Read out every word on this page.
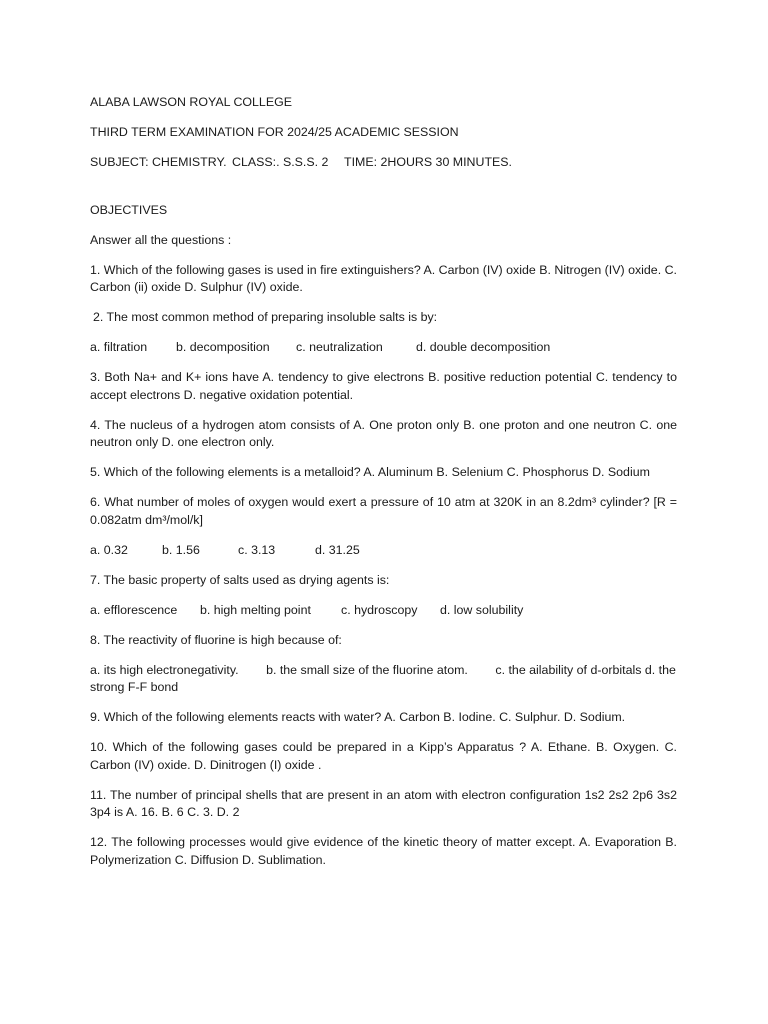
ALABA LAWSON ROYAL COLLEGE

THIRD TERM EXAMINATION FOR 2024/25 ACADEMIC SESSION

SUBJECT: CHEMISTRY. CLASS:. S.S.S. 2	TIME: 2HOURS 30 MINUTES.

OBJECTIVES

Answer all the questions :

1. Which of the following gases is used in fire extinguishers? A. Carbon (IV) oxide B. Nitrogen (IV) oxide. C. Carbon (ii) oxide D. Sulphur (IV) oxide.

2. The most common method of preparing insoluble salts is by:

a. filtration	b. decomposition	c. neutralization	d. double decomposition

3. Both Na+ and K+ ions have A. tendency to give electrons B. positive reduction potential C. tendency to accept electrons D. negative oxidation potential.

4. The nucleus of a hydrogen atom consists of A. One proton only B. one proton and one neutron C. one neutron only D. one electron only.

5. Which of the following elements is a metalloid? A. Aluminum B. Selenium C. Phosphorus D. Sodium

6. What number of moles of oxygen would exert a pressure of 10 atm at 320K in an 8.2dm³ cylinder? [R = 0.082atm dm³/mol/k]

a. 0.32	b. 1.56	c. 3.13	d. 31.25

7. The basic property of salts used as drying agents is:

a. efflorescence	b. high melting point	c. hydroscopy	d. low solubility

8. The reactivity of fluorine is high because of:

a. its high electronegativity.        b. the small size of the fluorine atom.        c. the ailability of d-orbitals d. the strong F-F bond

9. Which of the following elements reacts with water? A. Carbon B. Iodine. C. Sulphur. D. Sodium.

10. Which of the following gases could be prepared in a Kipp’s Apparatus ? A. Ethane. B. Oxygen. C. Carbon (IV) oxide. D. Dinitrogen (I) oxide .

11. The number of principal shells that are present in an atom with electron configuration 1s2 2s2 2p6 3s2 3p4 is A. 16. B. 6 C. 3. D. 2

12. The following processes would give evidence of the kinetic theory of matter except. A. Evaporation B. Polymerization C. Diffusion D. Sublimation.
